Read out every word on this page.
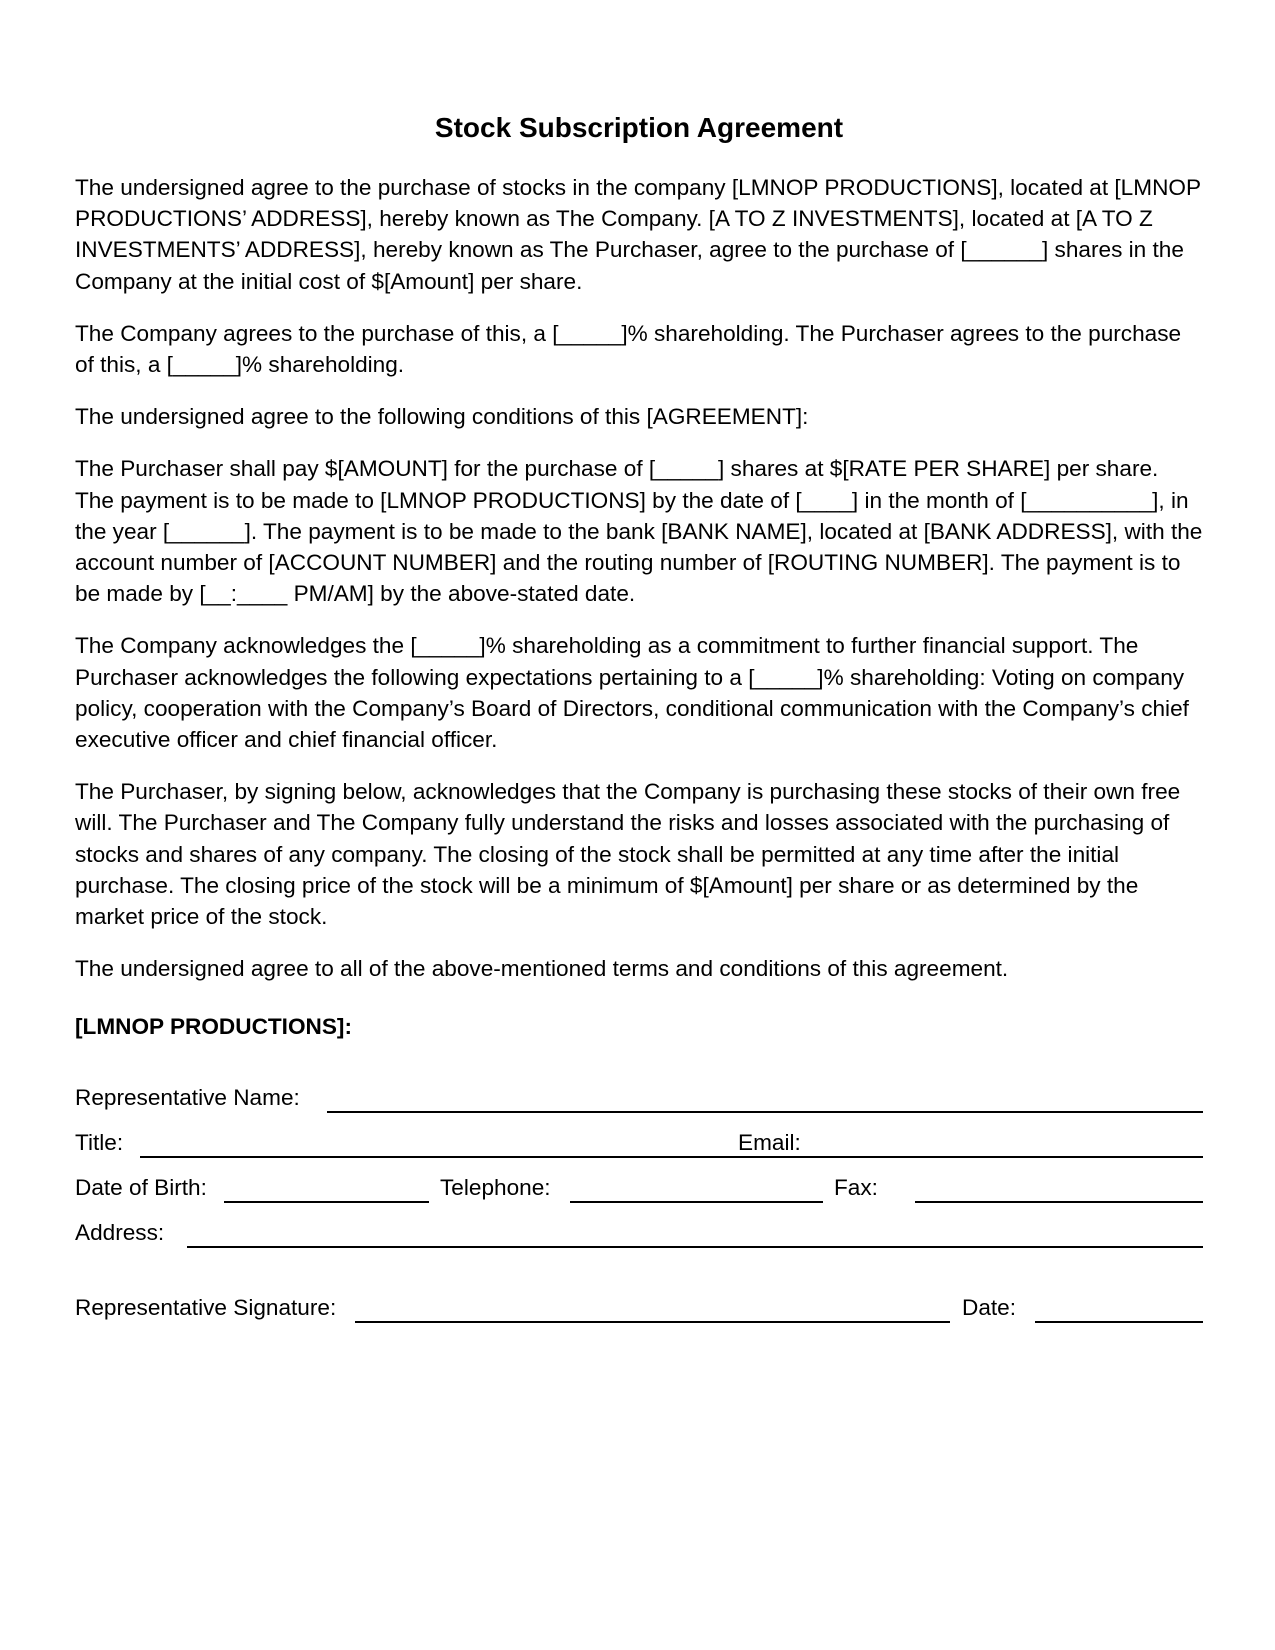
Stock Subscription Agreement

The undersigned agree to the purchase of stocks in the company [LMNOP PRODUCTIONS], located at [LMNOP PRODUCTIONS’ ADDRESS], hereby known as The Company. [A TO Z INVESTMENTS], located at [A TO Z INVESTMENTS’ ADDRESS], hereby known as The Purchaser, agree to the purchase of [______] shares in the Company at the initial cost of $[Amount] per share.

The Company agrees to the purchase of this, a [_____]% shareholding. The Purchaser agrees to the purchase of this, a [_____]% shareholding.

The undersigned agree to the following conditions of this [AGREEMENT]:

The Purchaser shall pay $[AMOUNT] for the purchase of [_____] shares at $[RATE PER SHARE] per share. The payment is to be made to [LMNOP PRODUCTIONS] by the date of [____] in the month of [__________], in the year [______]. The payment is to be made to the bank [BANK NAME], located at [BANK ADDRESS], with the account number of [ACCOUNT NUMBER] and the routing number of [ROUTING NUMBER]. The payment is to be made by [__:____ PM/AM] by the above-stated date.

The Company acknowledges the [_____]% shareholding as a commitment to further financial support. The Purchaser acknowledges the following expectations pertaining to a [_____]% shareholding: Voting on company policy, cooperation with the Company’s Board of Directors, conditional communication with the Company’s chief executive officer and chief financial officer.

The Purchaser, by signing below, acknowledges that the Company is purchasing these stocks of their own free will. The Purchaser and The Company fully understand the risks and losses associated with the purchasing of stocks and shares of any company. The closing of the stock shall be permitted at any time after the initial purchase. The closing price of the stock will be a minimum of $[Amount] per share or as determined by the market price of the stock.

The undersigned agree to all of the above-mentioned terms and conditions of this agreement.

[LMNOP PRODUCTIONS]:
Representative Name:
Title:	Email:
Date of Birth:	Telephone:	Fax:
Address:
Representative Signature:	Date:
